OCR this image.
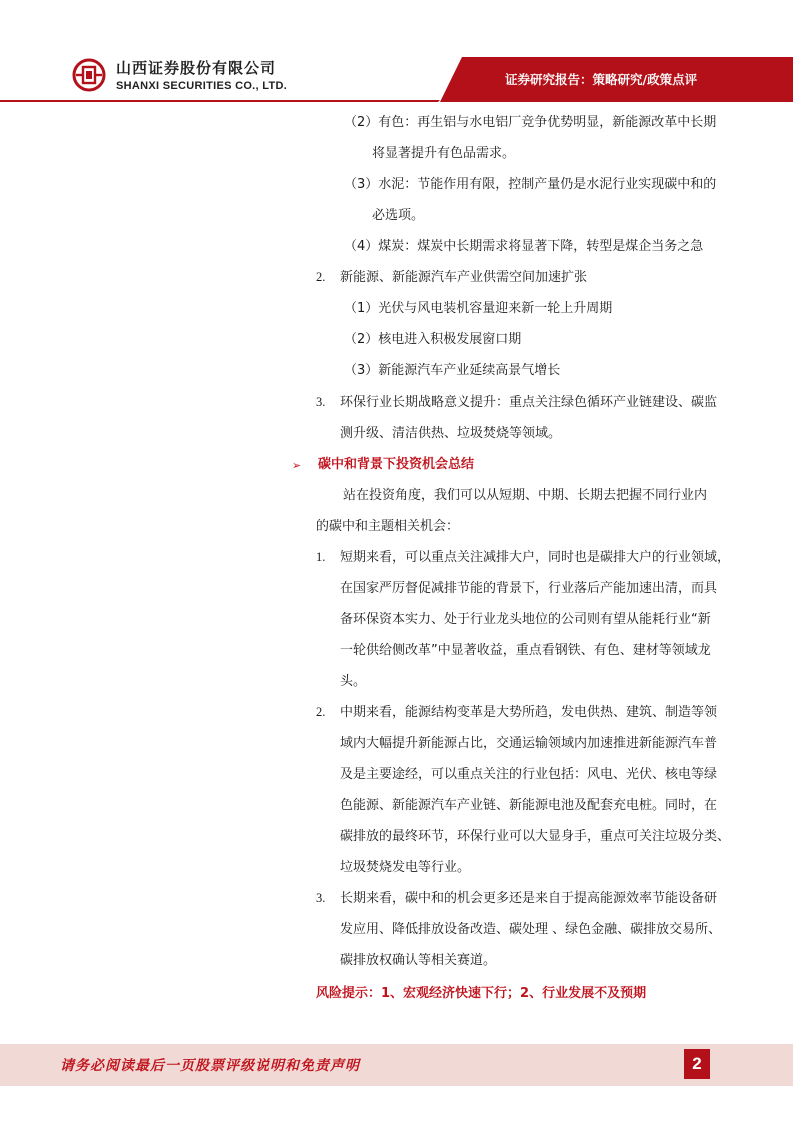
山西证券股份有限公司
SHANXI SECURITIES CO., LTD.	证券研究报告：策略研究/政策点评
（2）有色：再生铝与水电铝厂竞争优势明显，新能源改革中长期
将显著提升有色品需求。
（3）水泥：节能作用有限，控制产量仍是水泥行业实现碳中和的
必选项。
（4）煤炭：煤炭中长期需求将显著下降，转型是煤企当务之急
2. 新能源、新能源汽车产业供需空间加速扩张
（1）光伏与风电装机容量迎来新一轮上升周期
（2）核电进入积极发展窗口期
（3）新能源汽车产业延续高景气增长
3. 环保行业长期战略意义提升：重点关注绿色循环产业链建设、碳监
测升级、清洁供热、垃圾焚烧等领域。
➢ 碳中和背景下投资机会总结
站在投资角度，我们可以从短期、中期、长期去把握不同行业内
的碳中和主题相关机会：
1. 短期来看，可以重点关注减排大户，同时也是碳排大户的行业领域，
在国家严厉督促减排节能的背景下，行业落后产能加速出清，而具
备环保资本实力、处于行业龙头地位的公司则有望从能耗行业“新
一轮供给侧改革”中显著收益，重点看钢铁、有色、建材等领域龙
头。
2. 中期来看，能源结构变革是大势所趋，发电供热、建筑、制造等领
域内大幅提升新能源占比，交通运输领域内加速推进新能源汽车普
及是主要途经，可以重点关注的行业包括：风电、光伏、核电等绿
色能源、新能源汽车产业链、新能源电池及配套充电桩。同时，在
碳排放的最终环节，环保行业可以大显身手，重点可关注垃圾分类、
垃圾焚烧发电等行业。
3. 长期来看，碳中和的机会更多还是来自于提高能源效率节能设备研
发应用、降低排放设备改造、碳处理 、绿色金融、碳排放交易所、
碳排放权确认等相关赛道。
风险提示：1、宏观经济快速下行；2、行业发展不及预期
请务必阅读最后一页股票评级说明和免责声明	2
